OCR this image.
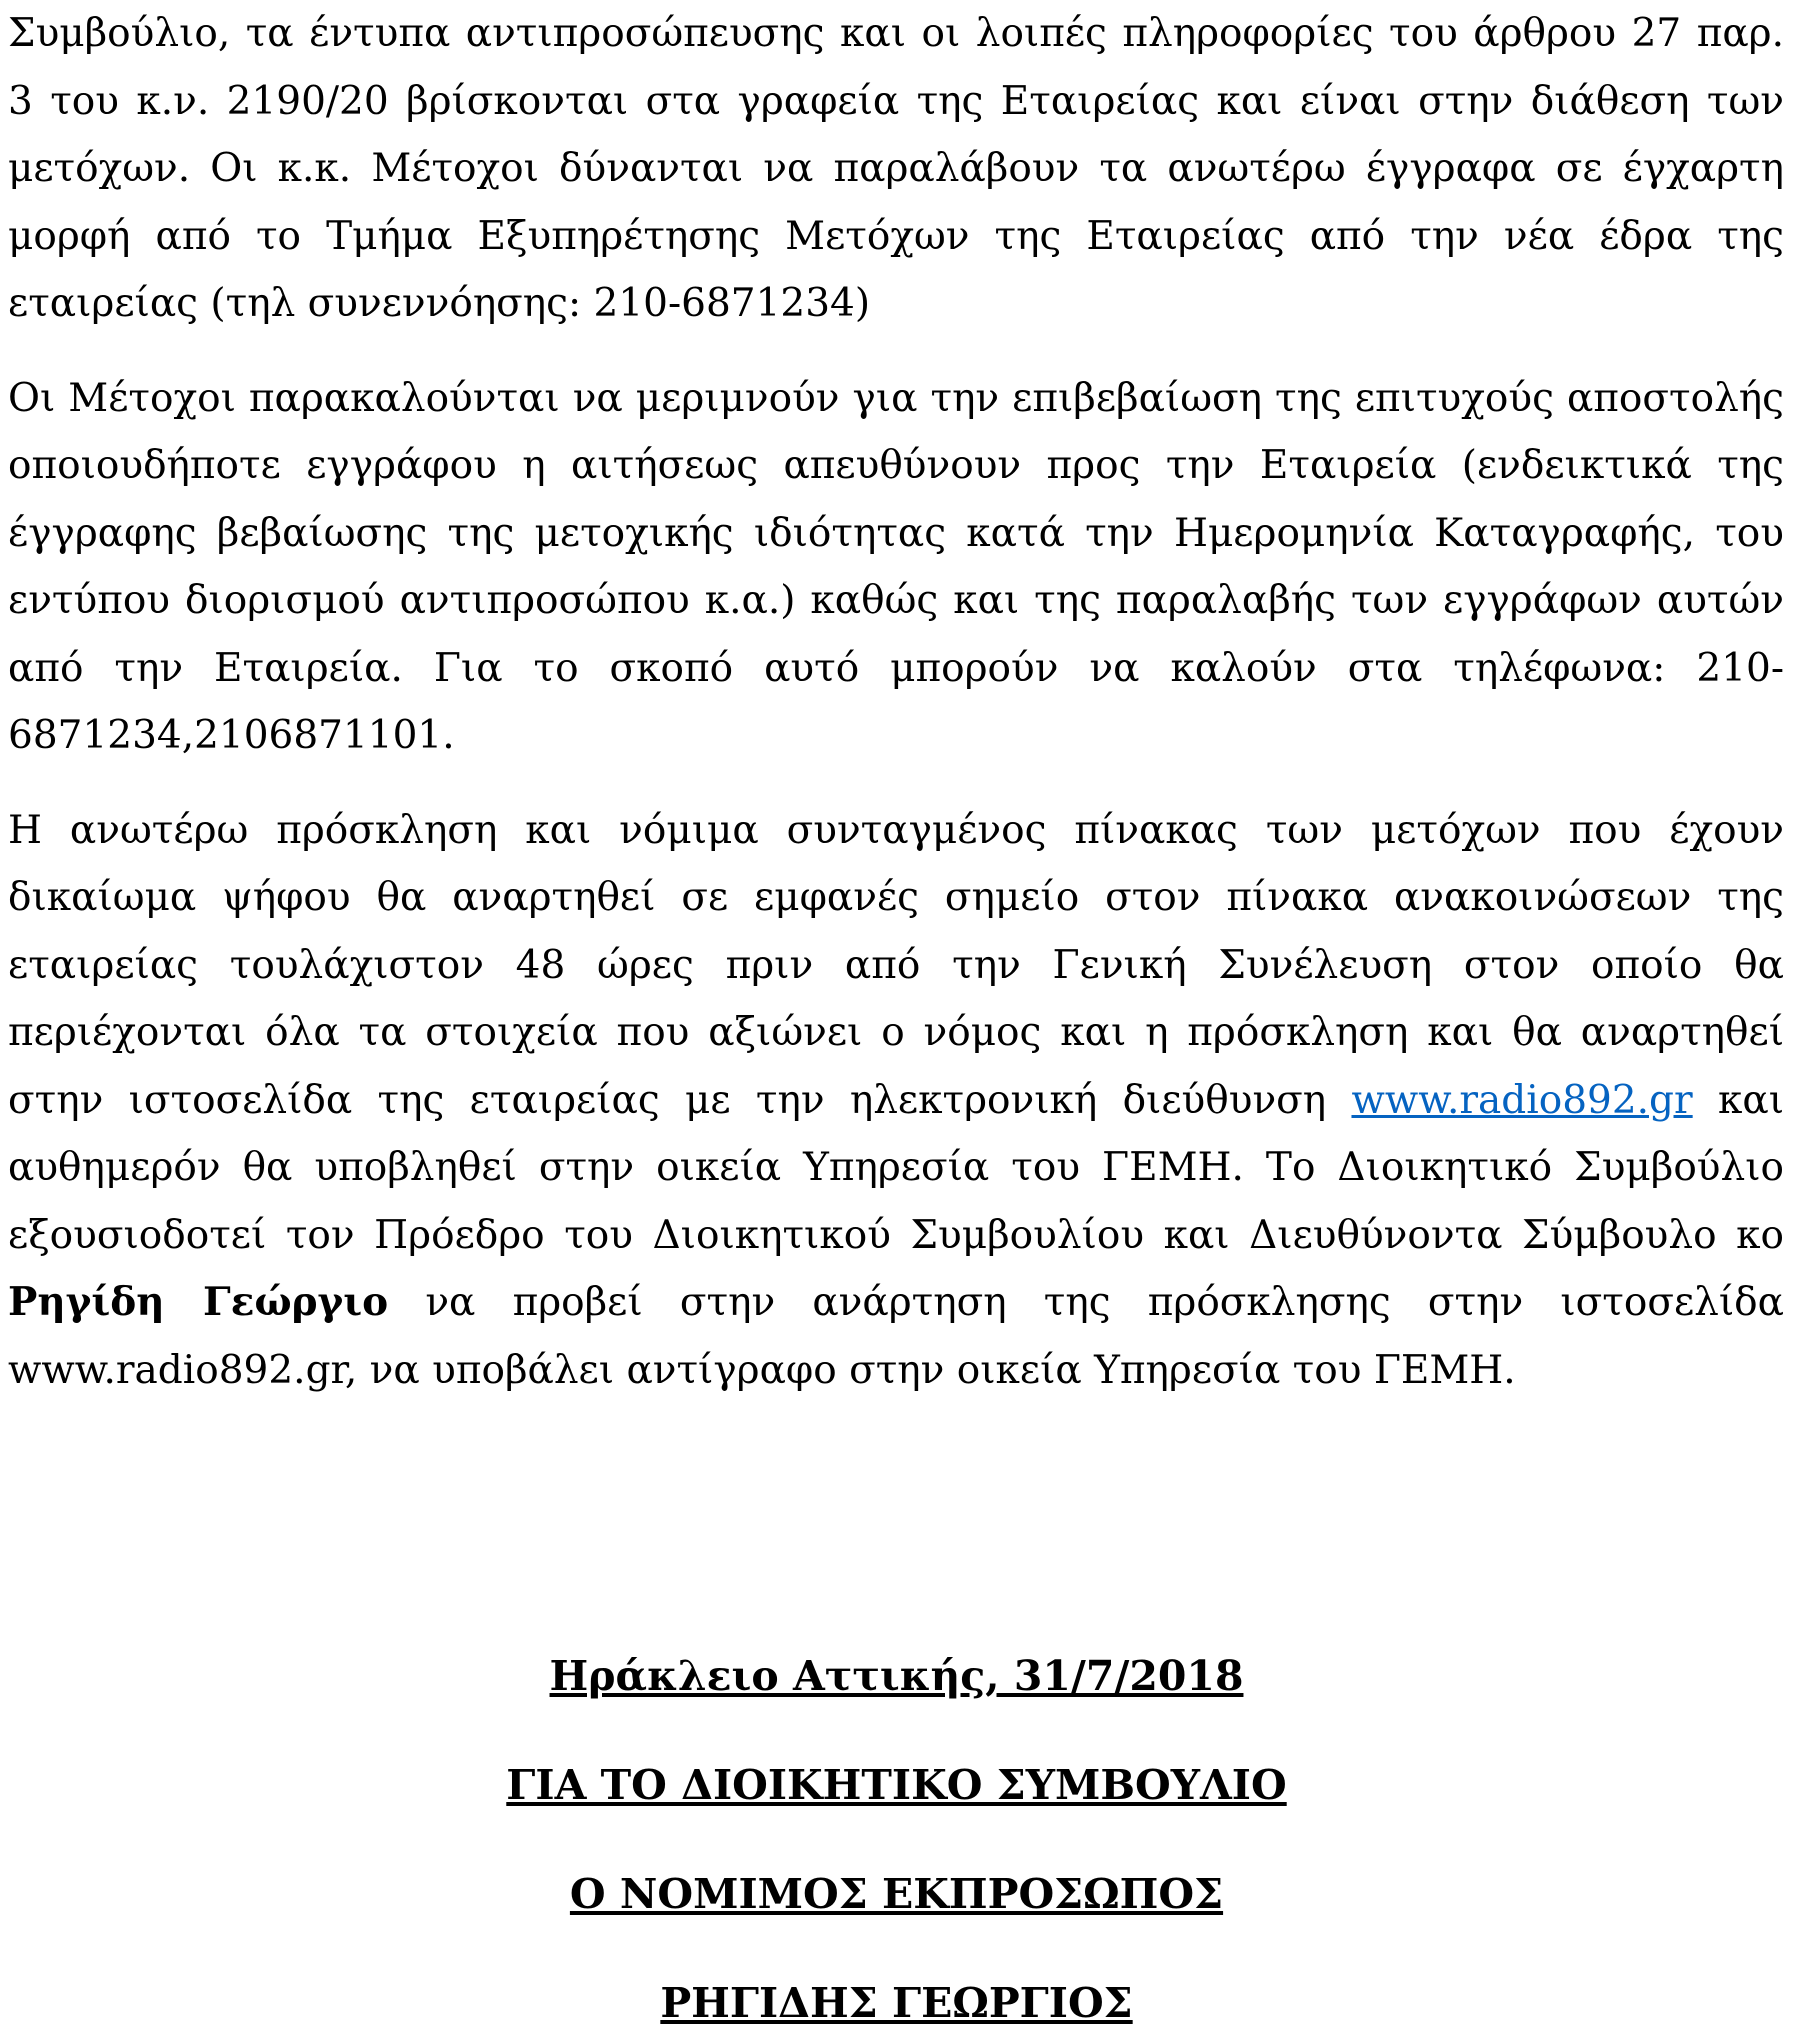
Συμβούλιο, τα έντυπα αντιπροσώπευσης και οι λοιπές πληροφορίες του άρθρου 27 παρ. 3 του κ.ν. 2190/20 βρίσκονται στα γραφεία της Εταιρείας και είναι στην διάθεση των μετόχων. Οι κ.κ. Μέτοχοι δύνανται να παραλάβουν τα ανωτέρω έγγραφα σε έγχαρτη μορφή από το Τμήμα Εξυπηρέτησης Μετόχων της Εταιρείας από την νέα έδρα της εταιρείας (τηλ συνεννόησης: 210-6871234)

Οι Μέτοχοι παρακαλούνται να μεριμνούν για την επιβεβαίωση της επιτυχούς αποστολής οποιουδήποτε εγγράφου η αιτήσεως απευθύνουν προς την Εταιρεία (ενδεικτικά της έγγραφης βεβαίωσης της μετοχικής ιδιότητας κατά την Ημερομηνία Καταγραφής, του εντύπου διορισμού αντιπροσώπου κ.α.) καθώς και της παραλαβής των εγγράφων αυτών από την Εταιρεία. Για το σκοπό αυτό μπορούν να καλούν στα τηλέφωνα: 210-6871234,2106871101.

Η ανωτέρω πρόσκληση και νόμιμα συνταγμένος πίνακας των μετόχων που έχουν δικαίωμα ψήφου θα αναρτηθεί σε εμφανές σημείο στον πίνακα ανακοινώσεων της εταιρείας τουλάχιστον 48 ώρες πριν από την Γενική Συνέλευση στον οποίο θα περιέχονται όλα τα στοιχεία που αξιώνει ο νόμος και η πρόσκληση και θα αναρτηθεί στην ιστοσελίδα της εταιρείας με την ηλεκτρονική διεύθυνση www.radio892.gr και αυθημερόν θα υποβληθεί στην οικεία Υπηρεσία του ΓΕΜΗ. Το Διοικητικό Συμβούλιο εξουσιοδοτεί τον Πρόεδρο του Διοικητικού Συμβουλίου και Διευθύνοντα Σύμβουλο κο Ρηγίδη Γεώργιο να προβεί στην ανάρτηση της πρόσκλησης στην ιστοσελίδα www.radio892.gr, να υποβάλει αντίγραφο στην οικεία Υπηρεσία του ΓΕΜΗ.

Ηράκλειο Αττικής, 31/7/2018
ΓΙΑ ΤΟ ΔΙΟΙΚΗΤΙΚΟ ΣΥΜΒΟΥΛΙΟ
Ο ΝΟΜΙΜΟΣ ΕΚΠΡΟΣΩΠΟΣ
ΡΗΓΙΔΗΣ ΓΕΩΡΓΙΟΣ
